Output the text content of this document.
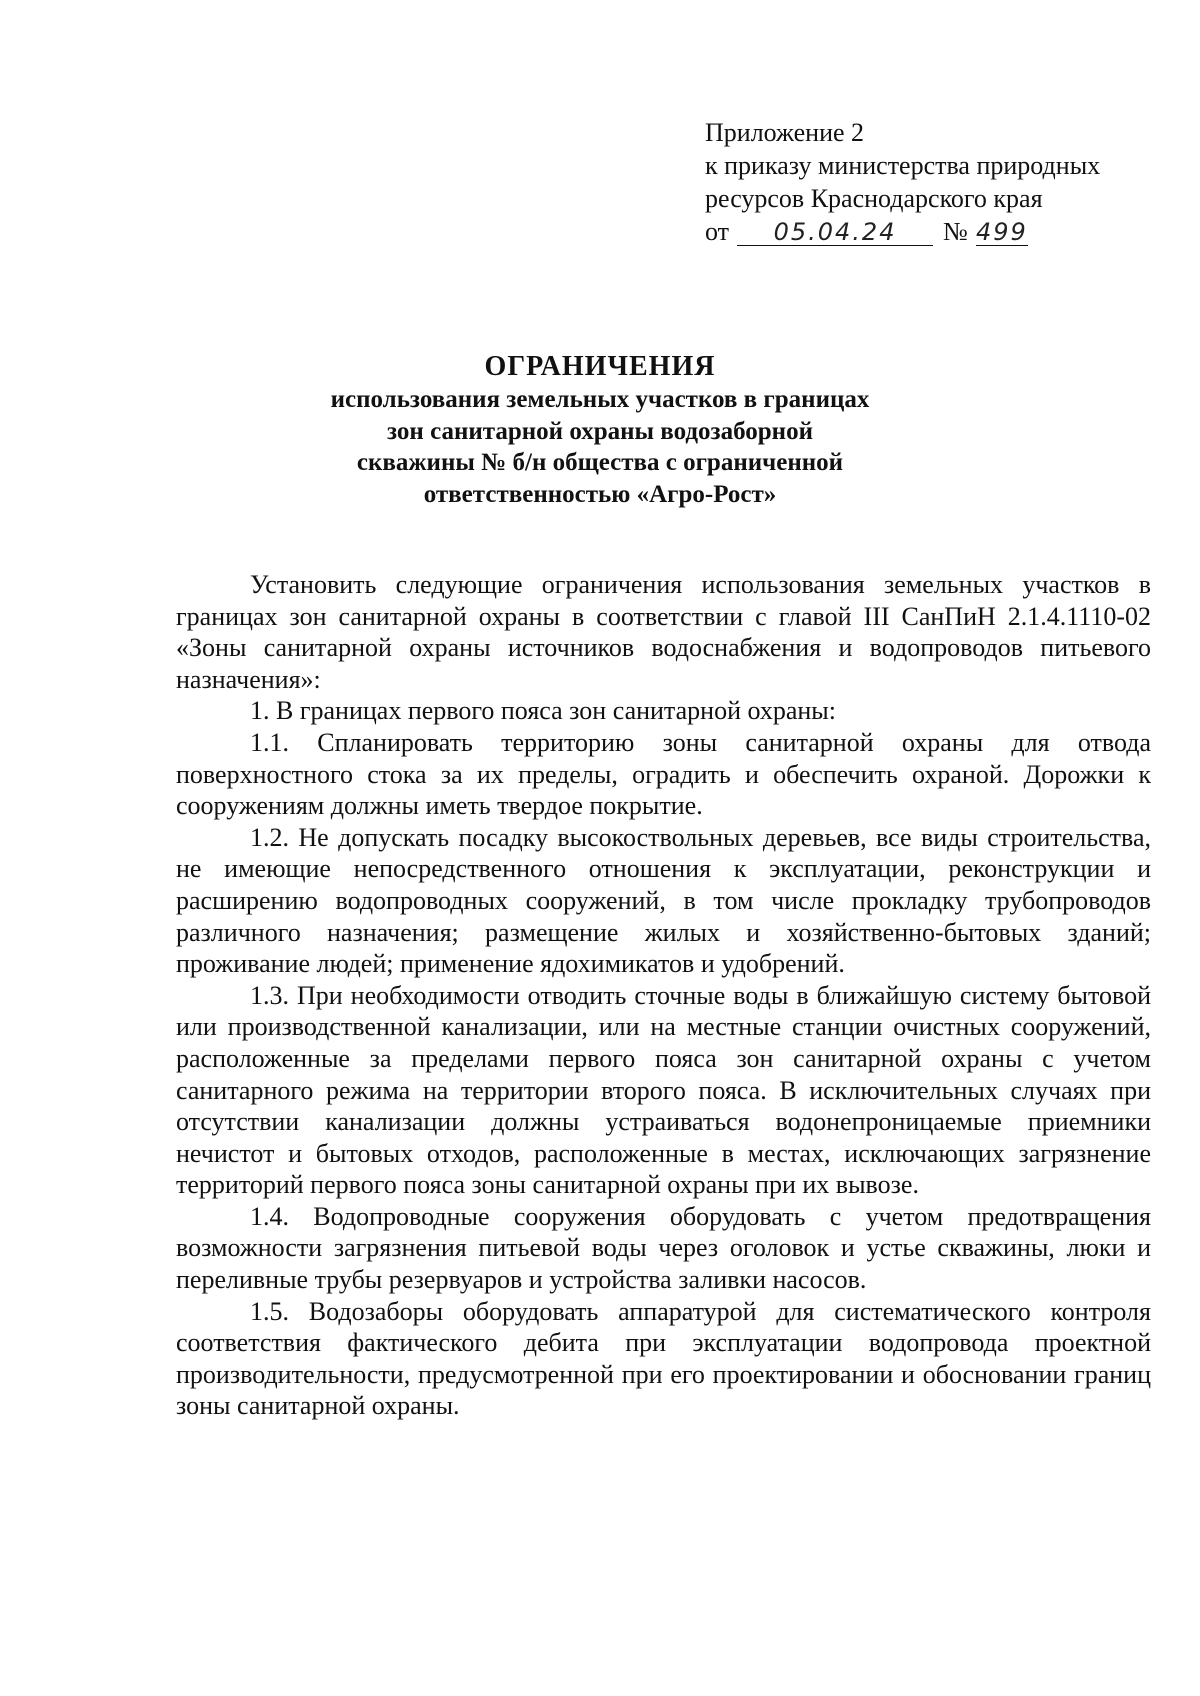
Приложение 2
к приказу министерства природных
ресурсов Краснодарского края
от 05.04.24 № 499
ОГРАНИЧЕНИЯ
использования земельных участков в границах
зон санитарной охраны водозаборной
скважины № б/н общества с ограниченной
ответственностью «Агро-Рост»

Установить следующие ограничения использования земельных участков в границах зон санитарной охраны в соответствии с главой III СанПиН 2.1.4.1110-02 «Зоны санитарной охраны источников водоснабжения и водопроводов питьевого назначения»:

1. В границах первого пояса зон санитарной охраны:

1.1. Спланировать территорию зоны санитарной охраны для отвода поверхностного стока за их пределы, оградить и обеспечить охраной. Дорожки к сооружениям должны иметь твердое покрытие.

1.2. Не допускать посадку высокоствольных деревьев, все виды строительства, не имеющие непосредственного отношения к эксплуатации, реконструкции и расширению водопроводных сооружений, в том числе прокладку трубопроводов различного назначения; размещение жилых и хозяйственно-бытовых зданий; проживание людей; применение ядохимикатов и удобрений.

1.3. При необходимости отводить сточные воды в ближайшую систему бытовой или производственной канализации, или на местные станции очистных сооружений, расположенные за пределами первого пояса зон санитарной охраны с учетом санитарного режима на территории второго пояса. В исключительных случаях при отсутствии канализации должны устраиваться водонепроницаемые приемники нечистот и бытовых отходов, расположенные в местах, исключающих загрязнение территорий первого пояса зоны санитарной охраны при их вывозе.

1.4. Водопроводные сооружения оборудовать с учетом предотвращения возможности загрязнения питьевой воды через оголовок и устье скважины, люки и переливные трубы резервуаров и устройства заливки насосов.

1.5. Водозаборы оборудовать аппаратурой для систематического контроля соответствия фактического дебита при эксплуатации водопровода проектной производительности, предусмотренной при его проектировании и обосновании границ зоны санитарной охраны.
